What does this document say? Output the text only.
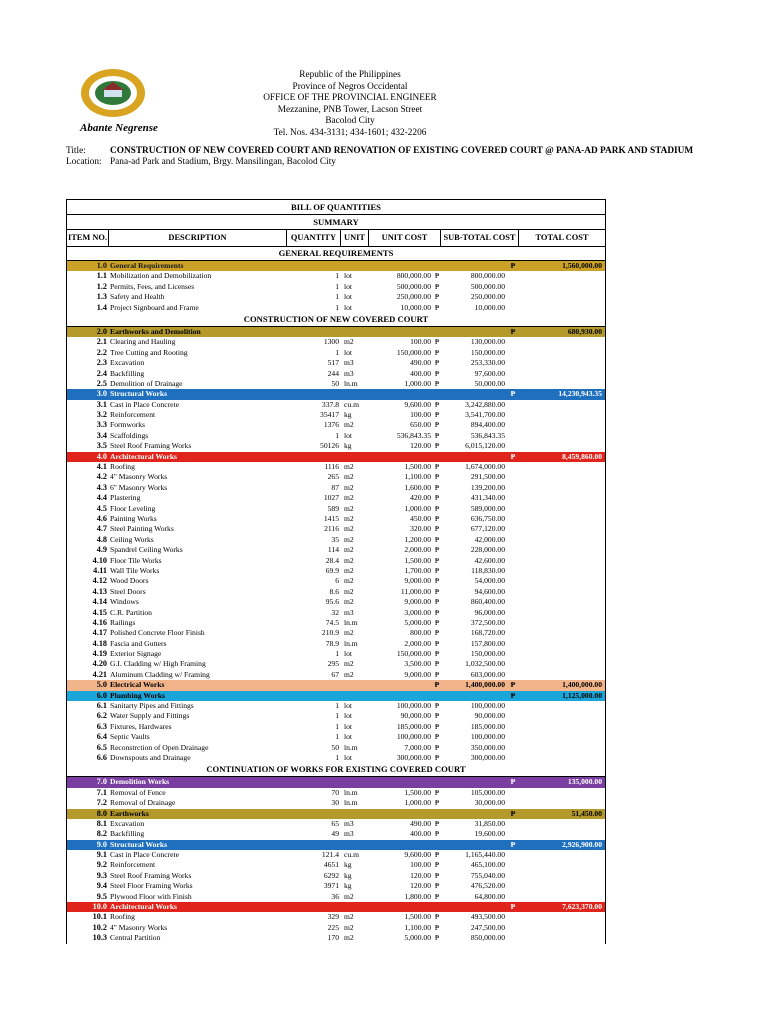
Abante Negrense
Republic of the Philippines
Province of Negros Occidental
OFFICE OF THE PROVINCIAL ENGINEER
Mezzanine, PNB Tower, Lacson Street
Bacolod City
Tel. Nos. 434-3131; 434-1601; 432-2206
Title:	CONSTRUCTION OF NEW COVERED COURT AND RENOVATION OF EXISTING COVERED COURT @ PANA-AD PARK AND STADIUM
Location: Pana-ad Park and Stadium, Brgy. Mansilingan, Bacolod City
BILL OF QUANTITIES
SUMMARY
ITEM NO.	DESCRIPTION	QUANTITY UNIT	UNIT COST	SUB-TOTAL COST	TOTAL COST
GENERAL REQUIREMENTS
1.0 General Requirements	₱	1,560,000.00
1.1 Mobilization and Demobilization	1 lot	800,000.00 ₱	800,000.00
1.2 Permits, Fees, and Licenses	1 lot	500,000.00 ₱	500,000.00
1.3 Safety and Health	1 lot	250,000.00 ₱	250,000.00
1.4 Project Signboard and Frame	1 lot	10,000.00 ₱	10,000.00
CONSTRUCTION OF NEW COVERED COURT
2.0 Earthworks and Demolition	₱	680,930.00
2.1 Clearing and Hauling	1300 m2	100.00 ₱	130,000.00
2.2 Tree Cutting and Rooting	1 lot	150,000.00 ₱	150,000.00
2.3 Excavation	517 m3	490.00 ₱	253,330.00
2.4 Backfilling	244 m3	400.00 ₱	97,600.00
2.5 Demolition of Drainage	50 ln.m	1,000.00 ₱	50,000.00
3.0 Structural Works	₱	14,230,943.35
3.1 Cast in Place Concrete	337.8 cu.m	9,600.00 ₱	3,242,880.00
3.2 Reinforcement	35417 kg	100.00 ₱	3,541,700.00
3.3 Formworks	1376 m2	650.00 ₱	894,400.00
3.4 Scaffoldings	1 lot	536,843.35 ₱	536,843.35
3.5 Steel Roof Framing Works	50126 kg	120.00 ₱	6,015,120.00
4.0 Architectural Works	₱	8,459,860.00
4.1 Roofing	1116 m2	1,500.00 ₱	1,674,000.00
4.2 4" Masonry Works	265 m2	1,100.00 ₱	291,500.00
4.3 6" Masonry Works	87 m2	1,600.00 ₱	139,200.00
4.4 Plastering	1027 m2	420.00 ₱	431,340.00
4.5 Floor Leveling	589 m2	1,000.00 ₱	589,000.00
4.6 Painting Works	1415 m2	450.00 ₱	636,750.00
4.7 Steel Painting Works	2116 m2	320.00 ₱	677,120.00
4.8 Ceiling Works	35 m2	1,200.00 ₱	42,000.00
4.9 Spandrel Ceiling Works	114 m2	2,000.00 ₱	228,000.00
4.10 Floor Tile Works	28.4 m2	1,500.00 ₱	42,600.00
4.11 Wall Tile Works	69.9 m2	1,700.00 ₱	118,830.00
4.12 Wood Doors	6 m2	9,000.00 ₱	54,000.00
4.13 Steel Doors	8.6 m2	11,000.00 ₱	94,600.00
4.14 Windows	95.6 m2	9,000.00 ₱	860,400.00
4.15 C.R. Partition	32 m3	3,000.00 ₱	96,000.00
4.16 Railings	74.5 ln.m	5,000.00 ₱	372,500.00
4.17 Polished Concrete Floor Finish	210.9 m2	800.00 ₱	168,720.00
4.18 Fascia and Gutters	78.9 ln.m	2,000.00 ₱	157,800.00
4.19 Exterior Signage	1 lot	150,000.00 ₱	150,000.00
4.20 G.I. Cladding w/ High Framing	295 m2	3,500.00 ₱	1,032,500.00
4.21 Aluminum Cladding w/ Framing	67 m2	9,000.00 ₱	603,000.00
5.0 Electrical Works	₱	1,400,000.00 ₱	1,400,000.00
6.0 Plumbing Works	₱	1,125,000.00
6.1 Sanitarty Pipes and Fittings	1 lot	100,000.00 ₱	100,000.00
6.2 Water Supply and Fittings	1 lot	90,000.00 ₱	90,000.00
6.3 Fixtures, Hardwares	1 lot	185,000.00 ₱	185,000.00
6.4 Septic Vaults	1 lot	100,000.00 ₱	100,000.00
6.5 Reconstrction of Open Drainage	50 ln.m	7,000.00 ₱	350,000.00
6.6 Downspouts and Drainage	1 lot	300,000.00 ₱	300,000.00
CONTINUATION OF WORKS FOR EXISTING COVERED COURT
7.0 Demolition Works	₱	135,000.00
7.1 Removal of Fence	70 ln.m	1,500.00 ₱	105,000.00
7.2 Removal of Drainage	30 ln.m	1,000.00 ₱	30,000.00
8.0 Earthworks	₱	51,450.00
8.1 Excavation	65 m3	490.00 ₱	31,850.00
8.2 Backfilling	49 m3	400.00 ₱	19,600.00
9.0 Structural Works	₱	2,926,900.00
9.1 Cast in Place Concrete	121.4 cu.m	9,600.00 ₱	1,165,440.00
9.2 Reinforcement	4651 kg	100.00 ₱	465,100.00
9.3 Steel Roof Framing Works	6292 kg	120.00 ₱	755,040.00
9.4 Steel Floor Framing Works	3971 kg	120.00 ₱	476,520.00
9.5 Plywood Floor with Finish	36 m2	1,800.00 ₱	64,800.00
10.0 Architectural Works	₱	7,623,370.00
10.1 Roofing	329 m2	1,500.00 ₱	493,500.00
10.2 4" Masonry Works	225 m2	1,100.00 ₱	247,500.00
10.3 Central Partition	170 m2	5,000.00 ₱	850,000.00
